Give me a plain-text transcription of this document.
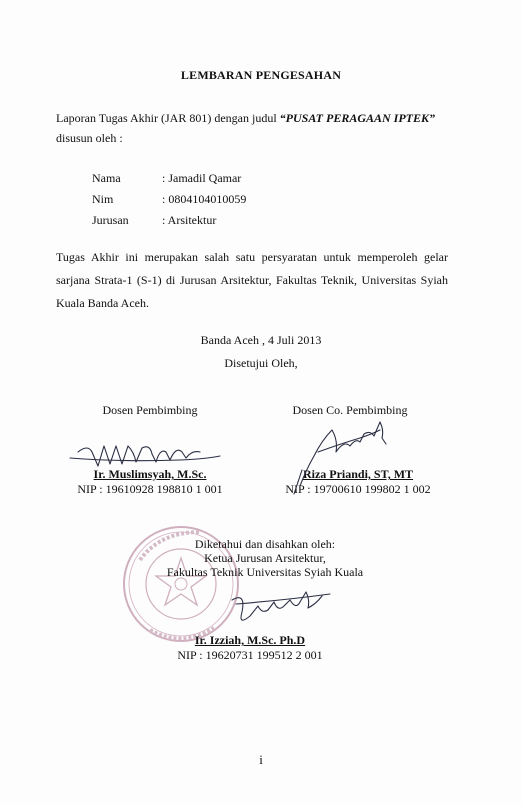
LEMBARAN PENGESAHAN
Laporan Tugas Akhir (JAR 801) dengan judul “PUSAT PERAGAAN IPTEK”
disusun oleh :
Nama	: Jamadil Qamar
Nim	: 0804104010059
Jurusan	: Arsitektur
Tugas Akhir ini merupakan salah satu persyaratan untuk memperoleh gelar sarjana Strata-1 (S-1) di Jurusan Arsitektur, Fakultas Teknik, Universitas Syiah Kuala Banda Aceh.
Banda Aceh , 4 Juli 2013
Disetujui Oleh,
Dosen Pembimbing	Dosen Co. Pembimbing
Ir. Muslimsyah, M.Sc.
NIP : 19610928 198810 1 001
Riza Priandi, ST, MT
NIP : 19700610 199802 1 002
Diketahui dan disahkan oleh:
Ketua Jurusan Arsitektur,
Fakultas Teknik Universitas Syiah Kuala
Ir. Izziah, M.Sc. Ph.D
NIP : 19620731 199512 2 001
i
